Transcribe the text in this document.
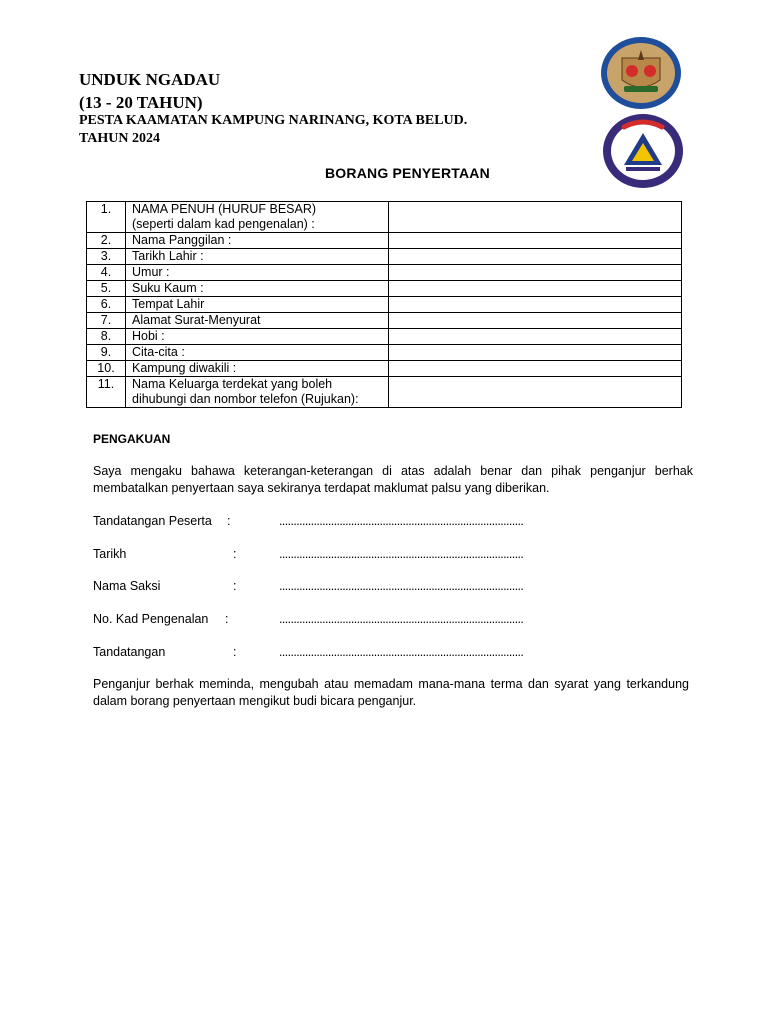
UNDUK NGADAU
(13 - 20 TAHUN)
PESTA KAAMATAN KAMPUNG NARINANG, KOTA BELUD.
TAHUN 2024
BORANG PENYERTAAN
1.	NAMA PENUH (HURUF BESAR)
(seperti dalam kad pengenalan) :	

2.	Nama Panggilan :	

3.	Tarikh Lahir :	

4.	Umur :	

5.	Suku Kaum :	

6.	Tempat Lahir	

7.	Alamat Surat-Menyurat	

8.	Hobi :	

9.	Cita-cita :	

10.	Kampung diwakili :	

11.	Nama Keluarga terdekat yang boleh
dihubungi dan nombor telefon (Rujukan):	

PENGAKUAN
Saya mengaku bahawa keterangan-keterangan di atas adalah benar dan pihak penganjur berhak membatalkan penyertaan saya sekiranya terdapat maklumat palsu yang diberikan.
Tandatangan Peserta :	.....................................................................................
Tarikh	:	.....................................................................................
Nama Saksi	:	.....................................................................................
No. Kad Pengenalan :	.....................................................................................
Tandatangan	:	.....................................................................................
Penganjur berhak meminda, mengubah atau memadam mana-mana terma dan syarat yang terkandung dalam borang penyertaan mengikut budi bicara penganjur.
